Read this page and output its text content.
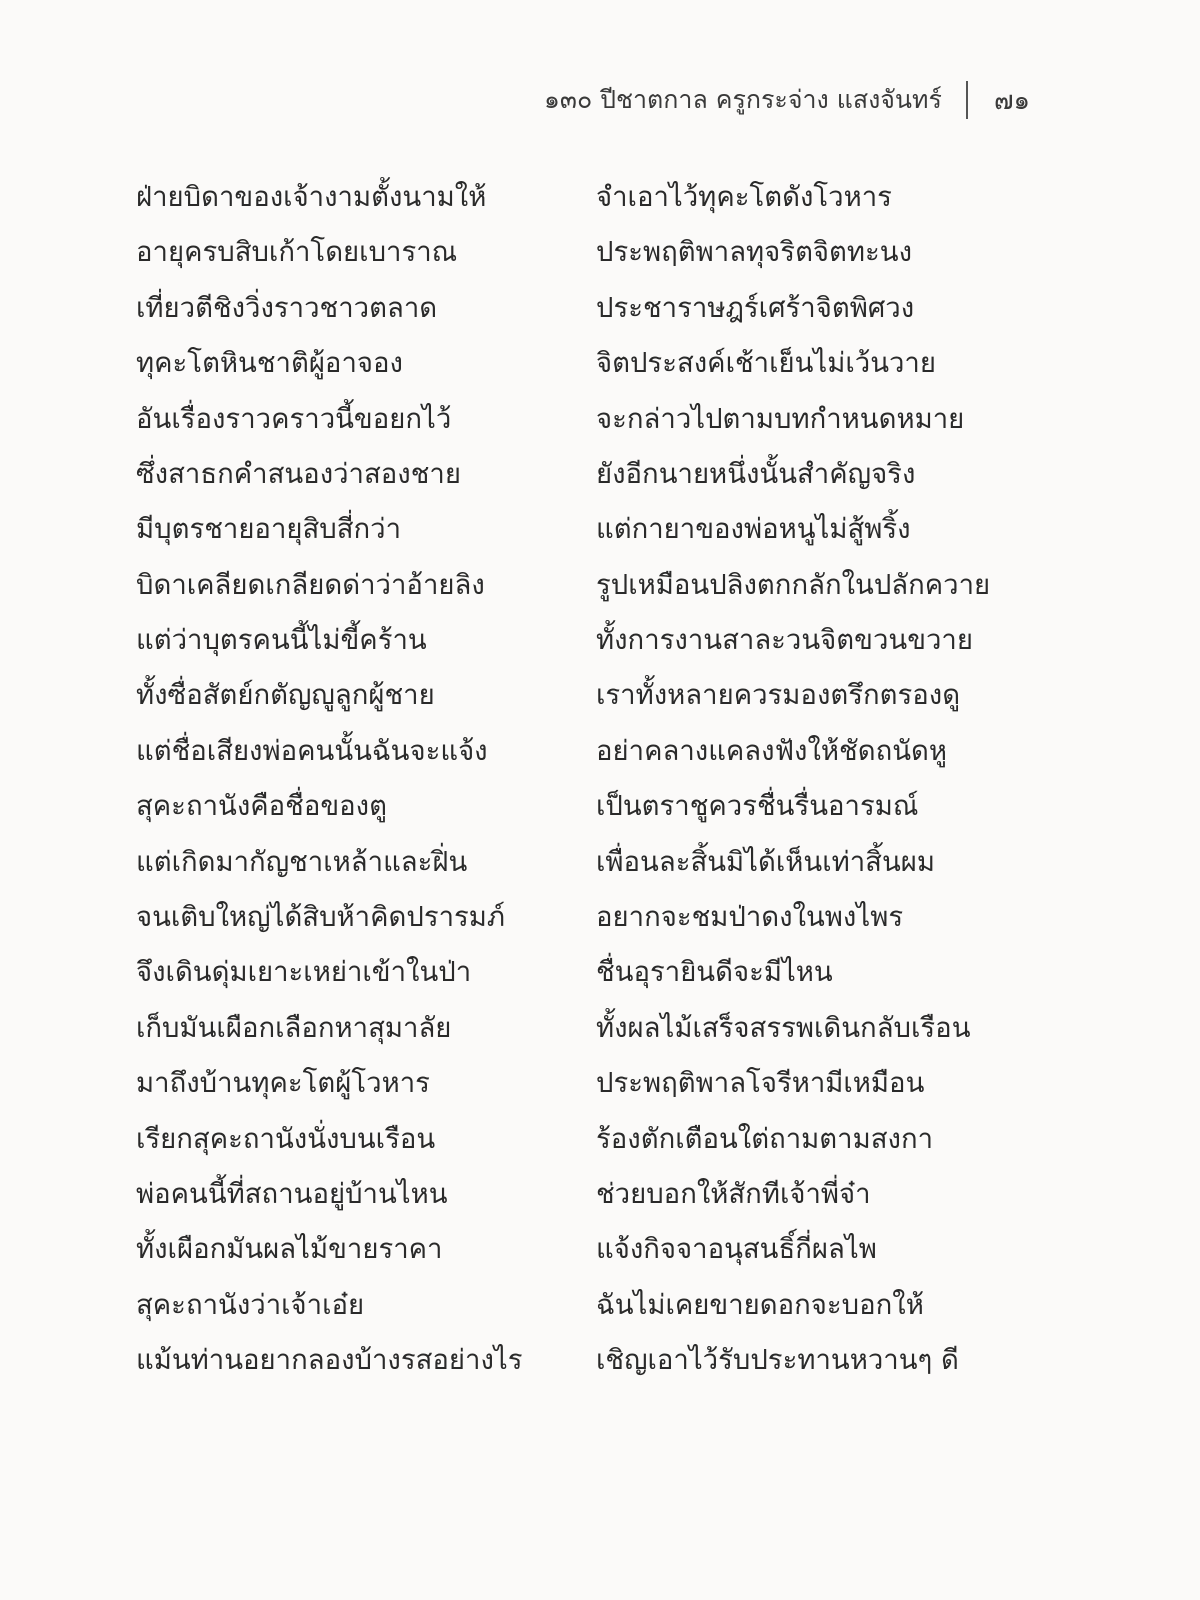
๑๓๐ ปีชาตกาล ครูกระจ่าง แสงจันทร์ ๗๑
ฝ่ายบิดาของเจ้างามตั้งนามให้	จำเอาไว้ทุคะโตดังโวหาร
อายุครบสิบเก้าโดยเบาราณ	ประพฤติพาลทุจริตจิตทะนง
เที่ยวตีชิงวิ่งราวชาวตลาด	ประชาราษฎร์เศร้าจิตพิศวง
ทุคะโตหินชาติผู้อาจอง	จิตประสงค์เช้าเย็นไม่เว้นวาย
อันเรื่องราวคราวนี้ขอยกไว้	จะกล่าวไปตามบทกำหนดหมาย
ซึ่งสาธกคำสนองว่าสองชาย	ยังอีกนายหนึ่งนั้นสำคัญจริง
มีบุตรชายอายุสิบสี่กว่า	แต่กายาของพ่อหนูไม่สู้พริ้ง
บิดาเคลียดเกลียดด่าว่าอ้ายลิง	รูปเหมือนปลิงตกกลักในปลักควาย
แต่ว่าบุตรคนนี้ไม่ขี้คร้าน	ทั้งการงานสาละวนจิตขวนขวาย
ทั้งซื่อสัตย์กตัญญูลูกผู้ชาย	เราทั้งหลายควรมองตรึกตรองดู
แต่ชื่อเสียงพ่อคนนั้นฉันจะแจ้ง	อย่าคลางแคลงฟังให้ชัดถนัดหู
สุคะถานังคือชื่อของตู	เป็นตราชูควรชื่นรื่นอารมณ์
แต่เกิดมากัญชาเหล้าและฝิ่น	เพื่อนละสิ้นมิได้เห็นเท่าสิ้นผม
จนเติบใหญ่ได้สิบห้าคิดปรารมภ์	อยากจะชมป่าดงในพงไพร
จึงเดินดุ่มเยาะเหย่าเข้าในป่า	ชื่นอุรายินดีจะมีไหน
เก็บมันเผือกเลือกหาสุมาลัย	ทั้งผลไม้เสร็จสรรพเดินกลับเรือน
มาถึงบ้านทุคะโตผู้โวหาร	ประพฤติพาลโจรีหามีเหมือน
เรียกสุคะถานังนั่งบนเรือน	ร้องตักเตือนใต่ถามตามสงกา
พ่อคนนี้ที่สถานอยู่บ้านไหน	ช่วยบอกให้สักทีเจ้าพี่จ๋า
ทั้งเผือกมันผลไม้ขายราคา	แจ้งกิจจาอนุสนธิ์กี่ผลไพ
สุคะถานังว่าเจ้าเอ๋ย	ฉันไม่เคยขายดอกจะบอกให้
แม้นท่านอยากลองบ้างรสอย่างไร	เชิญเอาไว้รับประทานหวานๆ ดี
